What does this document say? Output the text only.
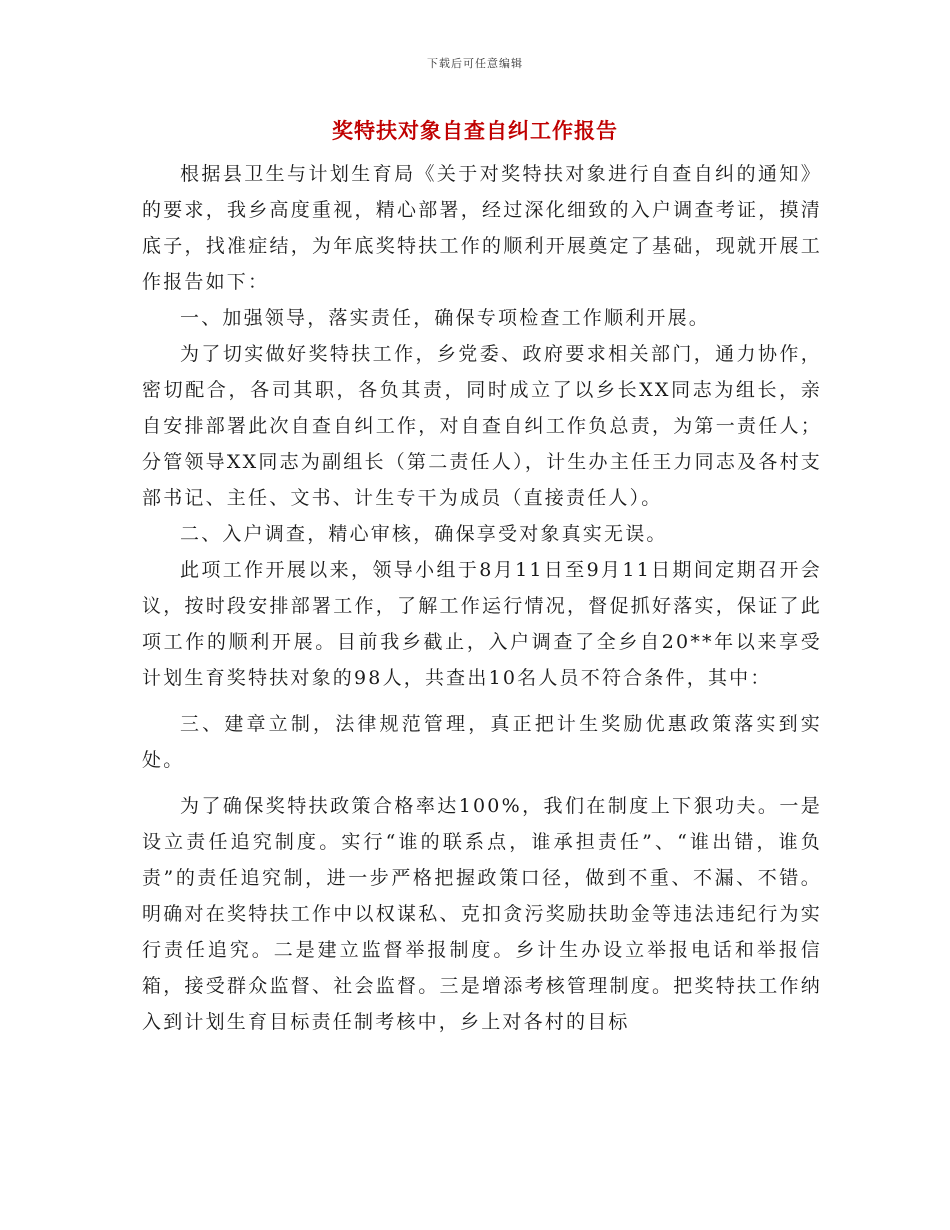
下载后可任意编辑
奖特扶对象自查自纠工作报告

根据县卫生与计划生育局《关于对奖特扶对象进行自查自纠的通知》的要求，我乡高度重视，精心部署，经过深化细致的入户调查考证，摸清底子，找准症结，为年底奖特扶工作的顺利开展奠定了基础，现就开展工作报告如下：

一、加强领导，落实责任，确保专项检查工作顺利开展。

为了切实做好奖特扶工作，乡党委、政府要求相关部门，通力协作，密切配合，各司其职，各负其责，同时成立了以乡长XX同志为组长，亲自安排部署此次自查自纠工作，对自查自纠工作负总责，为第一责任人；分管领导XX同志为副组长（第二责任人），计生办主任王力同志及各村支部书记、主任、文书、计生专干为成员（直接责任人）。

二、入户调查，精心审核，确保享受对象真实无误。

此项工作开展以来，领导小组于8月11日至9月11日期间定期召开会议，按时段安排部署工作，了解工作运行情况，督促抓好落实，保证了此项工作的顺利开展。目前我乡截止，入户调查了全乡自20**年以来享受计划生育奖特扶对象的98人，共查出10名人员不符合条件，其中：

三、建章立制，法律规范管理，真正把计生奖励优惠政策落实到实处。

为了确保奖特扶政策合格率达100%，我们在制度上下狠功夫。一是设立责任追究制度。实行“谁的联系点，谁承担责任”、“谁出错，谁负责”的责任追究制，进一步严格把握政策口径，做到不重、不漏、不错。明确对在奖特扶工作中以权谋私、克扣贪污奖励扶助金等违法违纪行为实行责任追究。二是建立监督举报制度。乡计生办设立举报电话和举报信箱，接受群众监督、社会监督。三是增添考核管理制度。把奖特扶工作纳入到计划生育目标责任制考核中，乡上对各村的目标
